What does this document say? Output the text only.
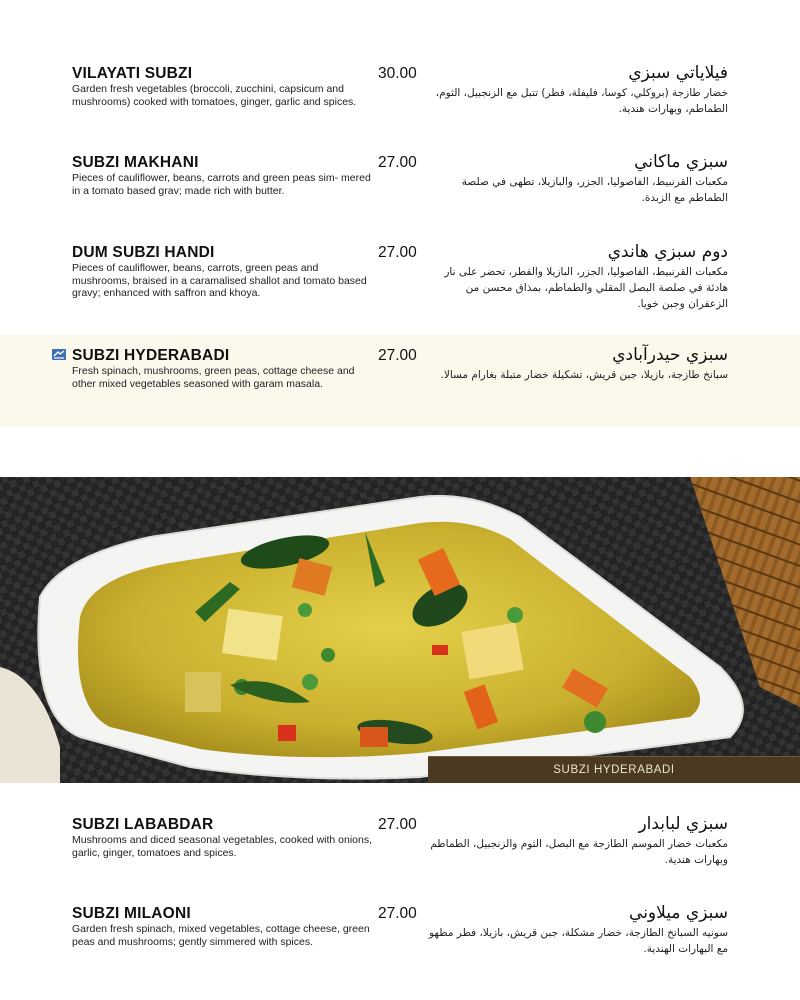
VILAYATI SUBZI
Garden fresh vegetables (broccoli, zucchini, capsicum and mushrooms) cooked with tomatoes, ginger, garlic and spices.
30.00	فيلاياتي سبزي
خضار طازجة (بروكلي، كوسا، فليفلة، فطر) تتبل مع الزنجبيل، الثوم، الطماطم، وبهارات هندية.
SUBZI MAKHANI
Pieces of cauliflower, beans, carrots and green peas sim- mered in a tomato based grav; made rich with butter.
27.00	سبزي ماكاني
مكعبات القرنبيط، الفاصوليا، الجزر، والبازيلا، تطهى في صلصة الطماطم مع الزبدة.
DUM SUBZI HANDI
Pieces of cauliflower, beans, carrots, green peas and mushrooms, braised in a caramalised shallot and tomato based gravy; enhanced with saffron and khoya.
27.00	دوم سبزي هاندي
مكعبات القرنبيط، الفاصوليا، الجزر، البازيلا والفطر، تحضر على نار هادئة في صلصة البصل المقلي والطماطم، بمذاق محسن من الزعفران وجبن خويا.
SUBZI HYDERABADI
Fresh spinach, mushrooms, green peas, cottage cheese and other mixed vegetables seasoned with garam masala.
27.00	سبزي حيدرآبادي
سبانخ طازجة، بازيلا، جبن قريش، تشكيلة خضار متبلة بغارام مسالا.
SUBZI HYDERABADI
SUBZI LABABDAR
Mushrooms and diced seasonal vegetables, cooked with onions, garlic, ginger, tomatoes and spices.
27.00	سبزي لبابدار
مكعبات خضار الموسم الطازجة مع البصل، الثوم والزنجبيل، الطماطم وبهارات هندية.
SUBZI MILAONI
Garden fresh spinach, mixed vegetables, cottage cheese, green peas and mushrooms; gently simmered with spices.
27.00	سبزي ميلاوني
سونيه السبانخ الطازجة، خضار مشكلة، جبن قريش، بازيلا، فطر مطهو مع البهارات الهندية.
